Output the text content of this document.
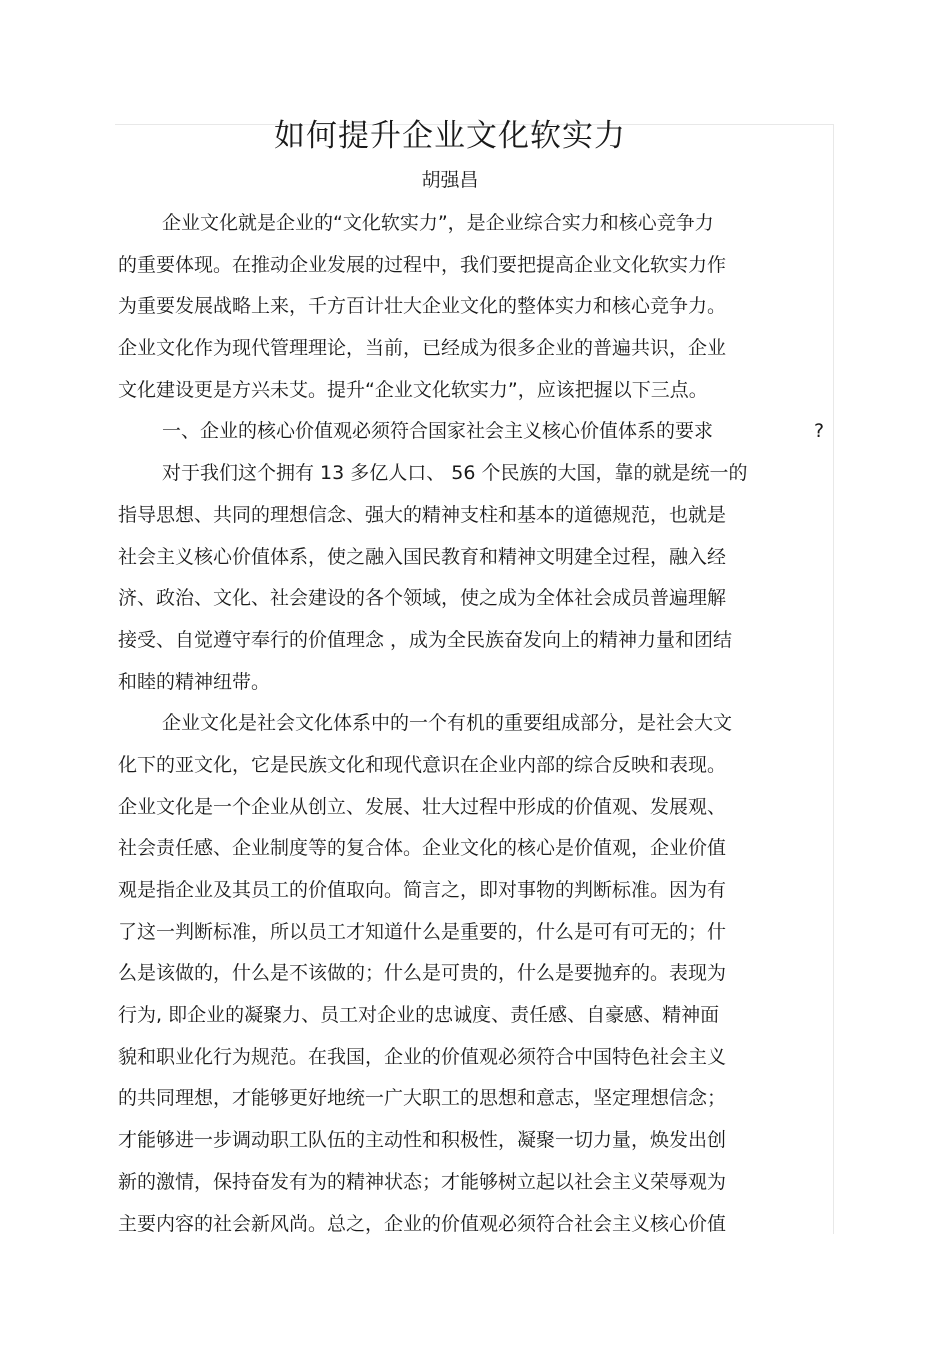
如何提升企业文化软实力
胡强昌
企业文化就是企业的“文化软实力”，是企业综合实力和核心竞争力
的重要体现。在推动企业发展的过程中，我们要把提高企业文化软实力作
为重要发展战略上来，千方百计壮大企业文化的整体实力和核心竞争力。
企业文化作为现代管理理论，当前，已经成为很多企业的普遍共识，企业
文化建设更是方兴未艾。提升“企业文化软实力”，应该把握以下三点。
一、企业的核心价值观必须符合国家社会主义核心价值体系的要求	?
对于我们这个拥有 13 多亿人口、 56 个民族的大国，靠的就是统一的
指导思想、共同的理想信念、强大的精神支柱和基本的道德规范，也就是
社会主义核心价值体系，使之融入国民教育和精神文明建全过程，融入经
济、政治、文化、社会建设的各个领域，使之成为全体社会成员普遍理解
接受、自觉遵守奉行的价值理念 ，成为全民族奋发向上的精神力量和团结
和睦的精神纽带。
企业文化是社会文化体系中的一个有机的重要组成部分，是社会大文
化下的亚文化，它是民族文化和现代意识在企业内部的综合反映和表现。
企业文化是一个企业从创立、发展、壮大过程中形成的价值观、发展观、
社会责任感、企业制度等的复合体。企业文化的核心是价值观，企业价值
观是指企业及其员工的价值取向。简言之，即对事物的判断标准。因为有
了这一判断标准，所以员工才知道什么是重要的，什么是可有可无的；什
么是该做的，什么是不该做的；什么是可贵的，什么是要抛弃的。表现为
行为, 即企业的凝聚力、员工对企业的忠诚度、责任感、自豪感、精神面
貌和职业化行为规范。在我国，企业的价值观必须符合中国特色社会主义
的共同理想，才能够更好地统一广大职工的思想和意志，坚定理想信念；
才能够进一步调动职工队伍的主动性和积极性，凝聚一切力量，焕发出创
新的激情，保持奋发有为的精神状态；才能够树立起以社会主义荣辱观为
主要内容的社会新风尚。总之，企业的价值观必须符合社会主义核心价值
